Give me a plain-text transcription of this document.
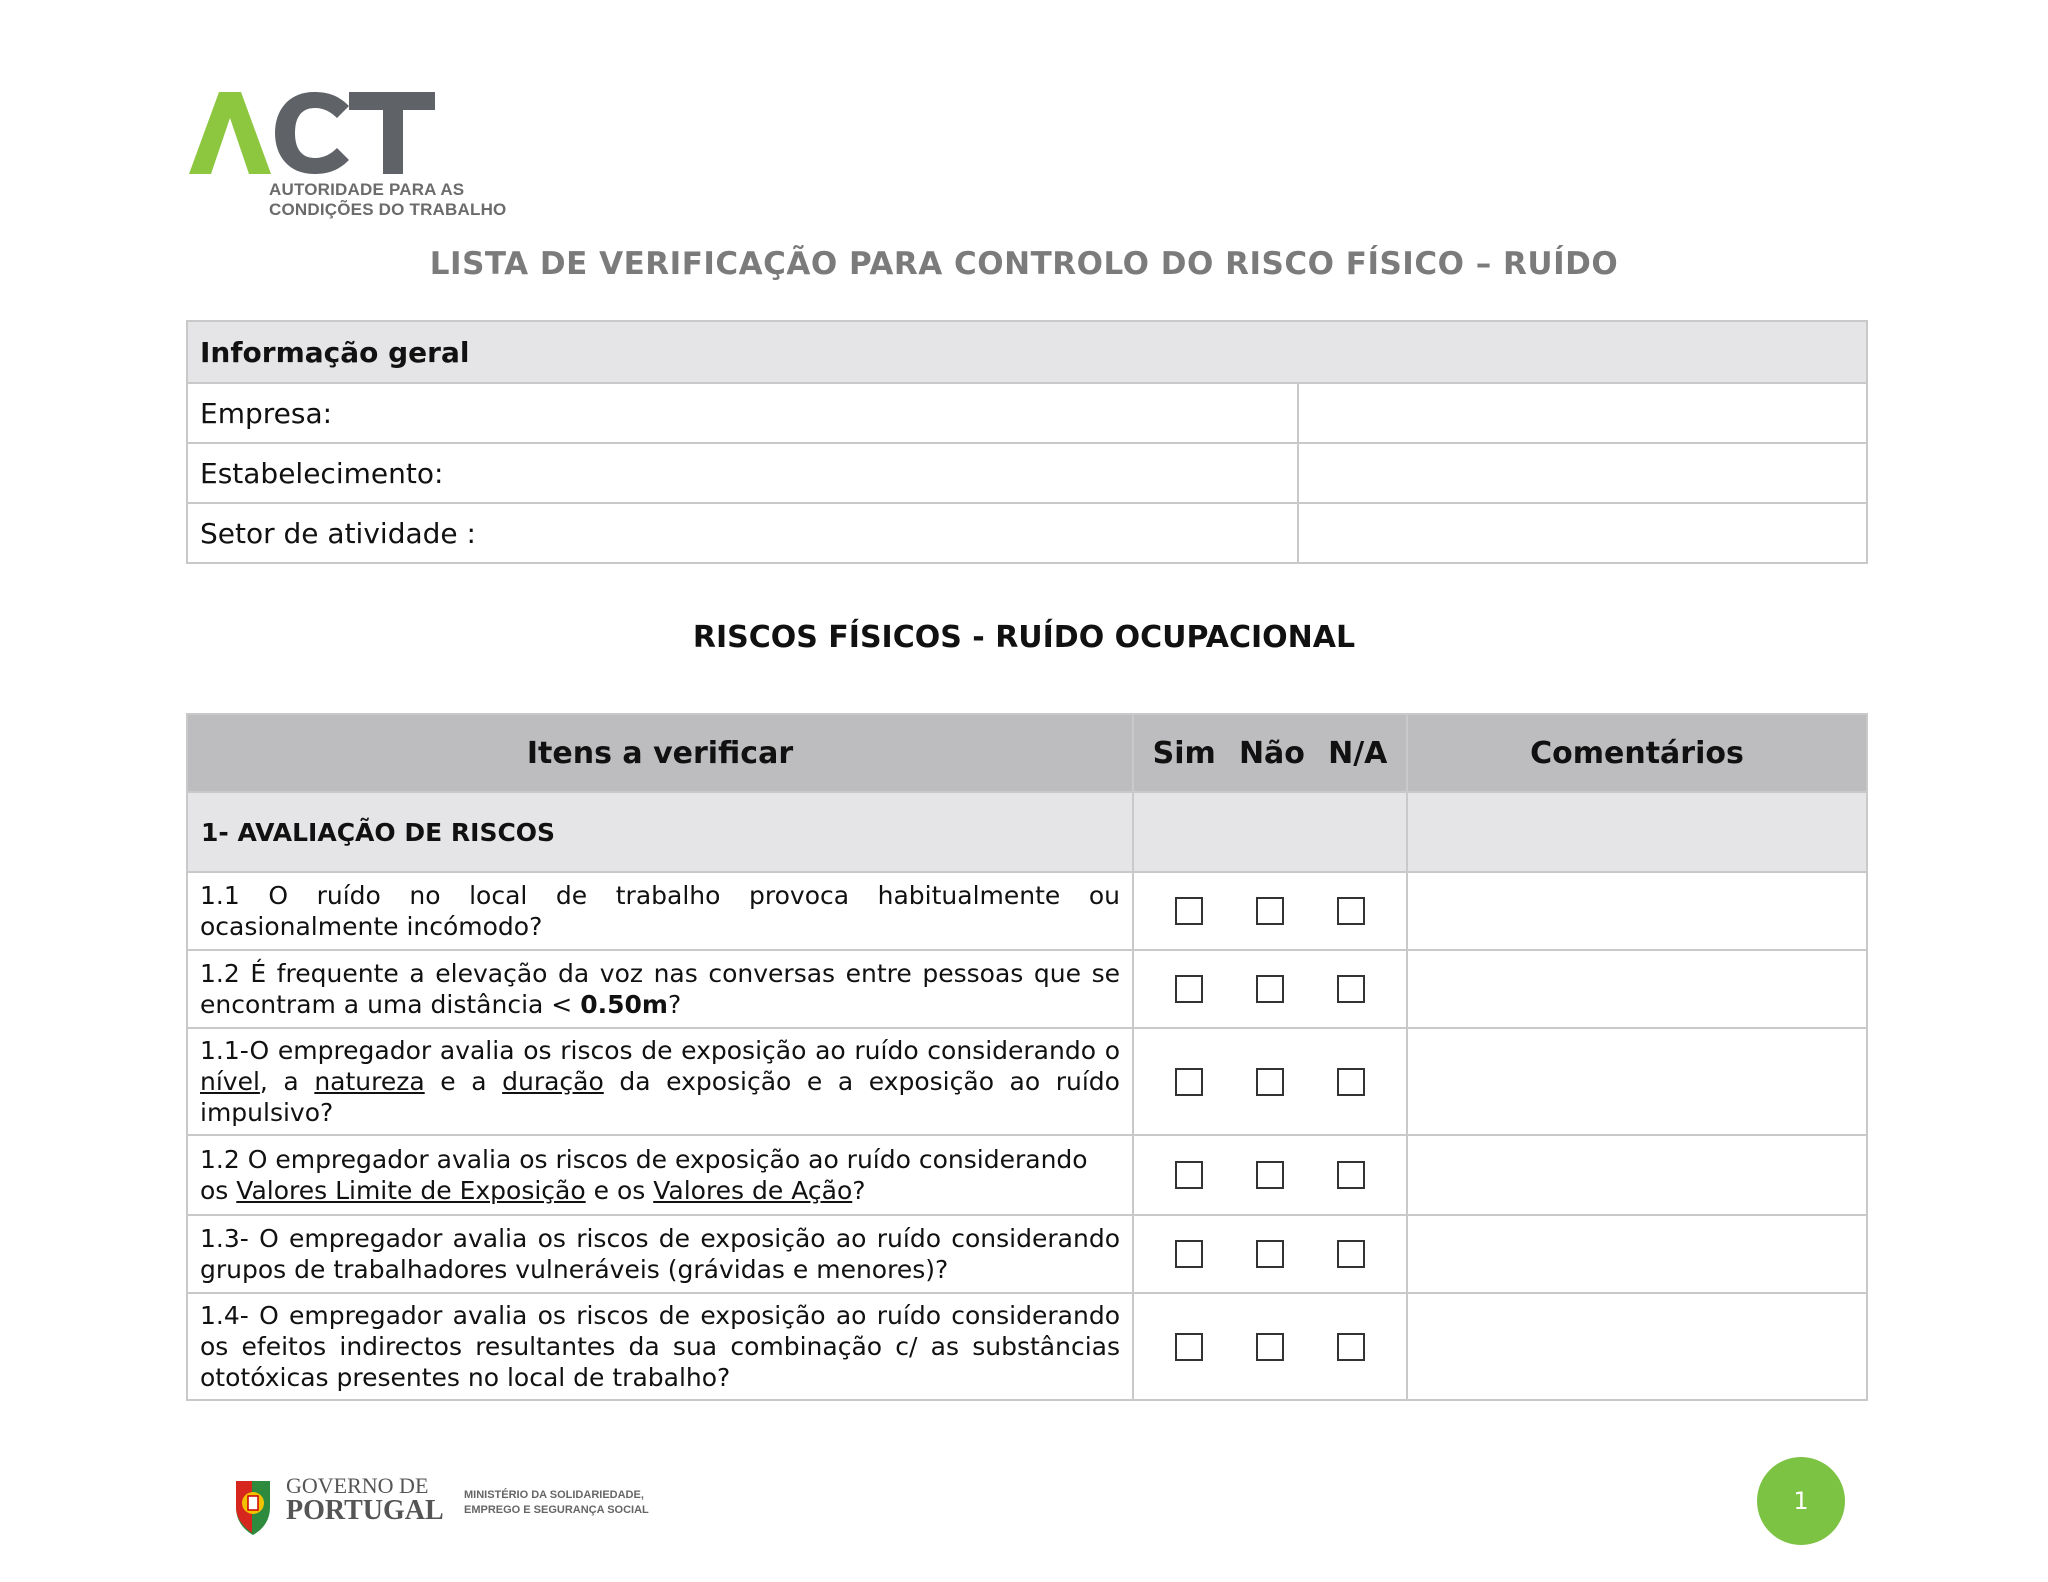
AUTORIDADE PARA AS
CONDIÇÕES DO TRABALHO
LISTA DE VERIFICAÇÃO PARA CONTROLO DO RISCO FÍSICO – RUÍDO
Informação geral	
Empresa:	
Estabelecimento:	
Setor de atividade :	
RISCOS FÍSICOS - RUÍDO OCUPACIONAL
Itens a verificar	Sim Não N/A	Comentários
1- AVALIAÇÃO DE RISCOS		

1.1 O ruído no local de trabalho provoca habitualmente ou ocasionalmente incómodo?		

1.2 É frequente a elevação da voz nas conversas entre pessoas que se encontram a uma distância < 0.50m?		

1.1-O empregador avalia os riscos de exposição ao ruído considerando o nível, a natureza e a duração da exposição e a exposição ao ruído impulsivo?		

1.2 O empregador avalia os riscos de exposição ao ruído considerando os Valores Limite de Exposição e os Valores de Ação?		

1.3- O empregador avalia os riscos de exposição ao ruído considerando grupos de trabalhadores vulneráveis (grávidas e menores)?		

1.4- O empregador avalia os riscos de exposição ao ruído considerando os efeitos indirectos resultantes da sua combinação c/ as substâncias ototóxicas presentes no local de trabalho?		

GOVERNO DE
PORTUGAL MINISTÉRIO DA SOLIDARIEDADE,
EMPREGO E SEGURANÇA SOCIAL	1
